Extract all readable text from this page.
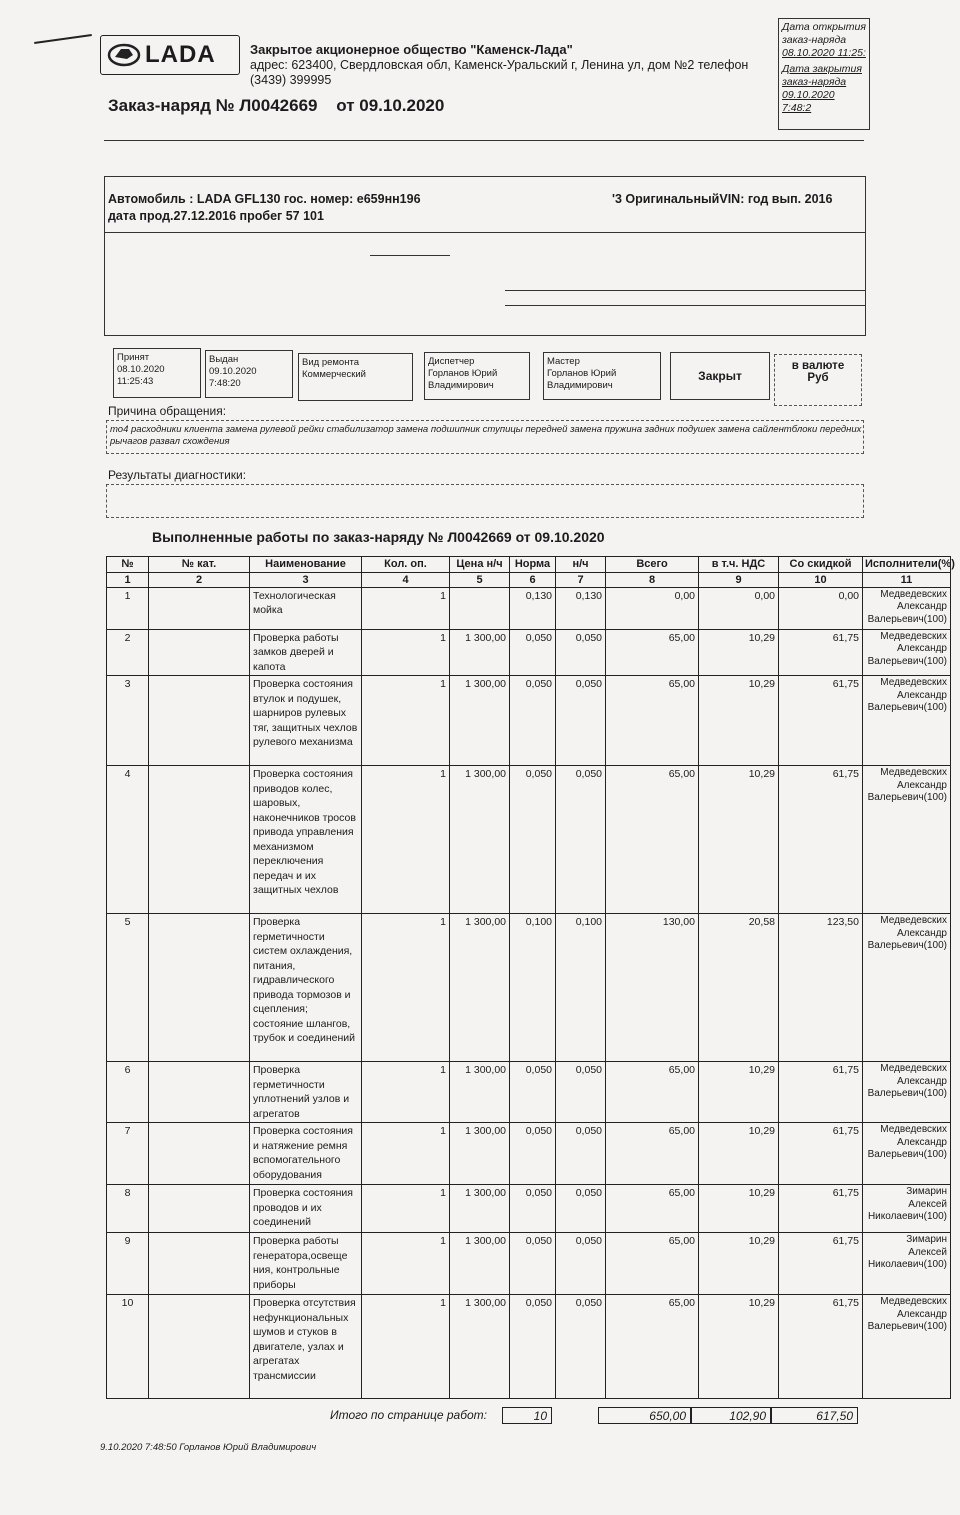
LADA	Закрытое акционерное общество "Каменск-Лада"
адрес: 623400, Свердловская обл, Каменск-Уральский г, Ленина ул, дом №2 телефон (3439) 399995
Заказ-наряд № Л0042669 от 09.10.2020
Дата открытия заказ-наряда
08.10.2020 11:25:
Дата закрытия заказ-наряда
09.10.2020 7:48:2
Автомобиль : LADA GFL130 гос. номер: е659нн196
дата прод.27.12.2016 пробег 57 101
'3 ОригинальныйVIN: год вып. 2016
Принят
08.10.2020 11:25:43
Выдан
09.10.2020 7:48:20
Вид ремонта
Коммерческий
Диспетчер
Горланов Юрий Владимирович
Мастер
Горланов Юрий Владимирович
Закрыт
в валюте
Руб
Причина обращения:
то4 расходники клиента замена рулевой рейки стабилизатор замена подшипник ступицы передней замена пружина задних подушек замена сайлентблоки передних рычагов развал схождения
Результаты диагностики:
Выполненные работы по заказ-наряду № Л0042669 от 09.10.2020
№	№ кат.	Наименование	Кол. оп.	Цена н/ч	Норма	н/ч	Всего	в т.ч. НДС	Со скидкой	Исполнители(%)
1	2	3	4	5	6	7	8	9	10	11
1		Технологическая мойка	1		0,130	0,130	0,00	0,00	0,00	Медведевских Александр Валерьевич(100)
2		Проверка работы замков дверей и капота	1	1 300,00	0,050	0,050	65,00	10,29	61,75	Медведевских Александр Валерьевич(100)
3		Проверка состояния втулок и подушек, шарниров рулевых тяг, защитных чехлов рулевого механизма	1	1 300,00	0,050	0,050	65,00	10,29	61,75	Медведевских Александр Валерьевич(100)
4		Проверка состояния приводов колес, шаровых, наконечников тросов привода управления механизмом переключения передач и их защитных чехлов	1	1 300,00	0,050	0,050	65,00	10,29	61,75	Медведевских Александр Валерьевич(100)
5		Проверка герметичности систем охлаждения, питания, гидравлического привода тормозов и сцепления; состояние шлангов, трубок и соединений	1	1 300,00	0,100	0,100	130,00	20,58	123,50	Медведевских Александр Валерьевич(100)
6		Проверка герметичности уплотнений узлов и агрегатов	1	1 300,00	0,050	0,050	65,00	10,29	61,75	Медведевских Александр Валерьевич(100)
7		Проверка состояния и натяжение ремня вспомогательного оборудования	1	1 300,00	0,050	0,050	65,00	10,29	61,75	Медведевских Александр Валерьевич(100)
8		Проверка состояния проводов и их соединений	1	1 300,00	0,050	0,050	65,00	10,29	61,75	Зимарин Алексей Николаевич(100)
9		Проверка работы генератора,освеще ния, контрольные приборы	1	1 300,00	0,050	0,050	65,00	10,29	61,75	Зимарин Алексей Николаевич(100)
10		Проверка отсутствия нефункциональных шумов и стуков в двигателе, узлах и агрегатах трансмиссии	1	1 300,00	0,050	0,050	65,00	10,29	61,75	Медведевских Александр Валерьевич(100)
Итого по странице работ:	10	650,00	102,90	617,50
9.10.2020 7:48:50 Горланов Юрий Владимирович
